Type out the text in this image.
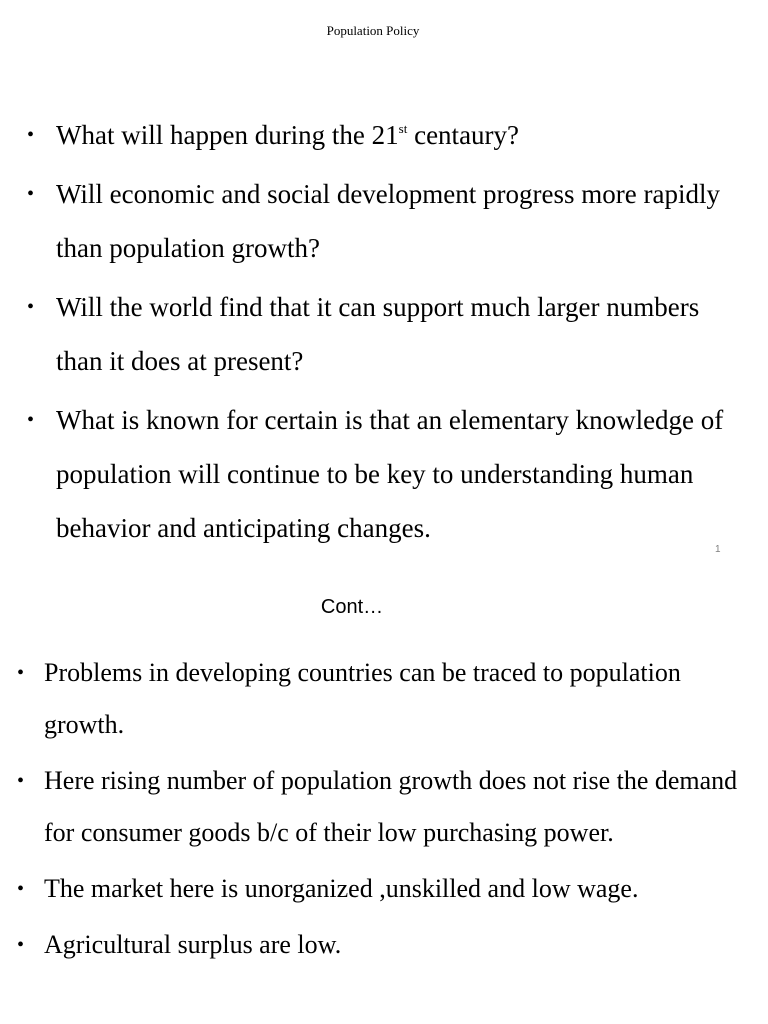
Population Policy
• What will happen during the 21st centaury?
• Will economic and social development progress more rapidly than population growth?
• Will the world find that it can support much larger numbers than it does at present?
• What is known for certain is that an elementary knowledge of population will continue to be key to understanding human behavior and anticipating changes.
1
Cont…
• Problems in developing countries can be traced to population growth.
• Here rising number of population growth does not rise the demand for consumer goods b/c of their low purchasing power.
• The market here is unorganized ,unskilled and low wage.
• Agricultural surplus are low.
